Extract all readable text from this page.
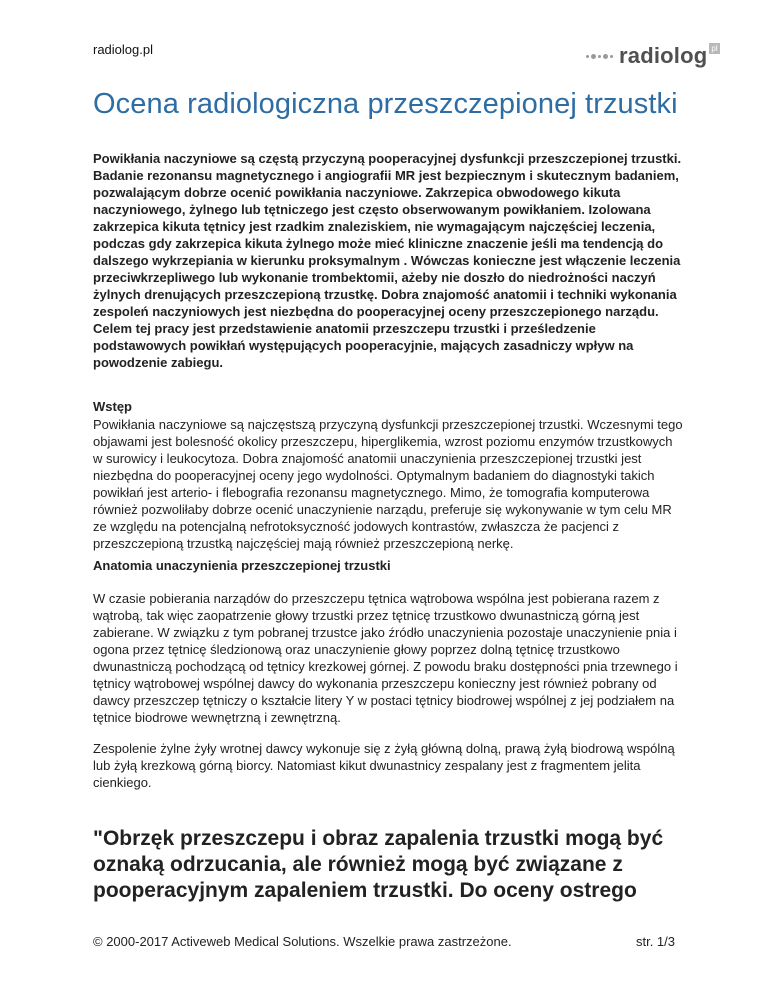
radiolog.pl	radiolog pl
Ocena radiologiczna przeszczepionej trzustki

Powikłania naczyniowe są częstą przyczyną pooperacyjnej dysfunkcji przeszczepionej trzustki. Badanie rezonansu magnetycznego i angiografii MR jest bezpiecznym i skutecznym badaniem, pozwalającym dobrze ocenić powikłania naczyniowe. Zakrzepica obwodowego kikuta naczyniowego, żylnego lub tętniczego jest często obserwowanym powikłaniem. Izolowana zakrzepica kikuta tętnicy jest rzadkim znaleziskiem, nie wymagającym najczęściej leczenia, podczas gdy zakrzepica kikuta żylnego może mieć kliniczne znaczenie jeśli ma tendencją do dalszego wykrzepiania w kierunku proksymalnym . Wówczas konieczne jest włączenie leczenia przeciwkrzepliwego lub wykonanie trombektomii, ażeby nie doszło do niedrożności naczyń żylnych drenujących przeszczepioną trzustkę. Dobra znajomość anatomii i techniki wykonania zespoleń naczyniowych jest niezbędna do pooperacyjnej oceny przeszczepionego narządu. Celem tej pracy jest przedstawienie anatomii przeszczepu trzustki i prześledzenie podstawowych powikłań występujących pooperacyjnie, mających zasadniczy wpływ na powodzenie zabiegu.

Wstęp

Powikłania naczyniowe są najczęstszą przyczyną dysfunkcji przeszczepionej trzustki. Wczesnymi tego objawami jest bolesność okolicy przeszczepu, hiperglikemia, wzrost poziomu enzymów trzustkowych w surowicy i leukocytoza. Dobra znajomość anatomii unaczynienia przeszczepionej trzustki jest niezbędna do pooperacyjnej oceny jego wydolności. Optymalnym badaniem do diagnostyki takich powikłań jest arterio- i flebografia rezonansu magnetycznego. Mimo, że tomografia komputerowa również pozwoliłaby dobrze ocenić unaczynienie narządu, preferuje się wykonywanie w tym celu MR ze względu na potencjalną nefrotoksyczność jodowych kontrastów, zwłaszcza że pacjenci z przeszczepioną trzustką najczęściej mają również przeszczepioną nerkę.

Anatomia unaczynienia przeszczepionej trzustki

W czasie pobierania narządów do przeszczepu tętnica wątrobowa wspólna jest pobierana razem z wątrobą, tak więc zaopatrzenie głowy trzustki przez tętnicę trzustkowo dwunastniczą górną jest zabierane. W związku z tym pobranej trzustce jako źródło unaczynienia pozostaje unaczynienie pnia i ogona przez tętnicę śledzionową oraz unaczynienie głowy poprzez dolną tętnicę trzustkowo dwunastniczą pochodzącą od tętnicy krezkowej górnej. Z powodu braku dostępności pnia trzewnego i tętnicy wątrobowej wspólnej dawcy do wykonania przeszczepu konieczny jest również pobrany od dawcy przeszczep tętniczy o kształcie litery Y w postaci tętnicy biodrowej wspólnej z jej podziałem na tętnice biodrowe wewnętrzną i zewnętrzną.

Zespolenie żylne żyły wrotnej dawcy wykonuje się z żyłą główną dolną, prawą żyłą biodrową wspólną lub żyłą krezkową górną biorcy. Natomiast kikut dwunastnicy zespalany jest z fragmentem jelita cienkiego.

"Obrzęk przeszczepu i obraz zapalenia trzustki mogą być oznaką odrzucania, ale również mogą być związane z pooperacyjnym zapaleniem trzustki. Do oceny ostrego

© 2000-2017 Activeweb Medical Solutions. Wszelkie prawa zastrzeżone.	str. 1/3
